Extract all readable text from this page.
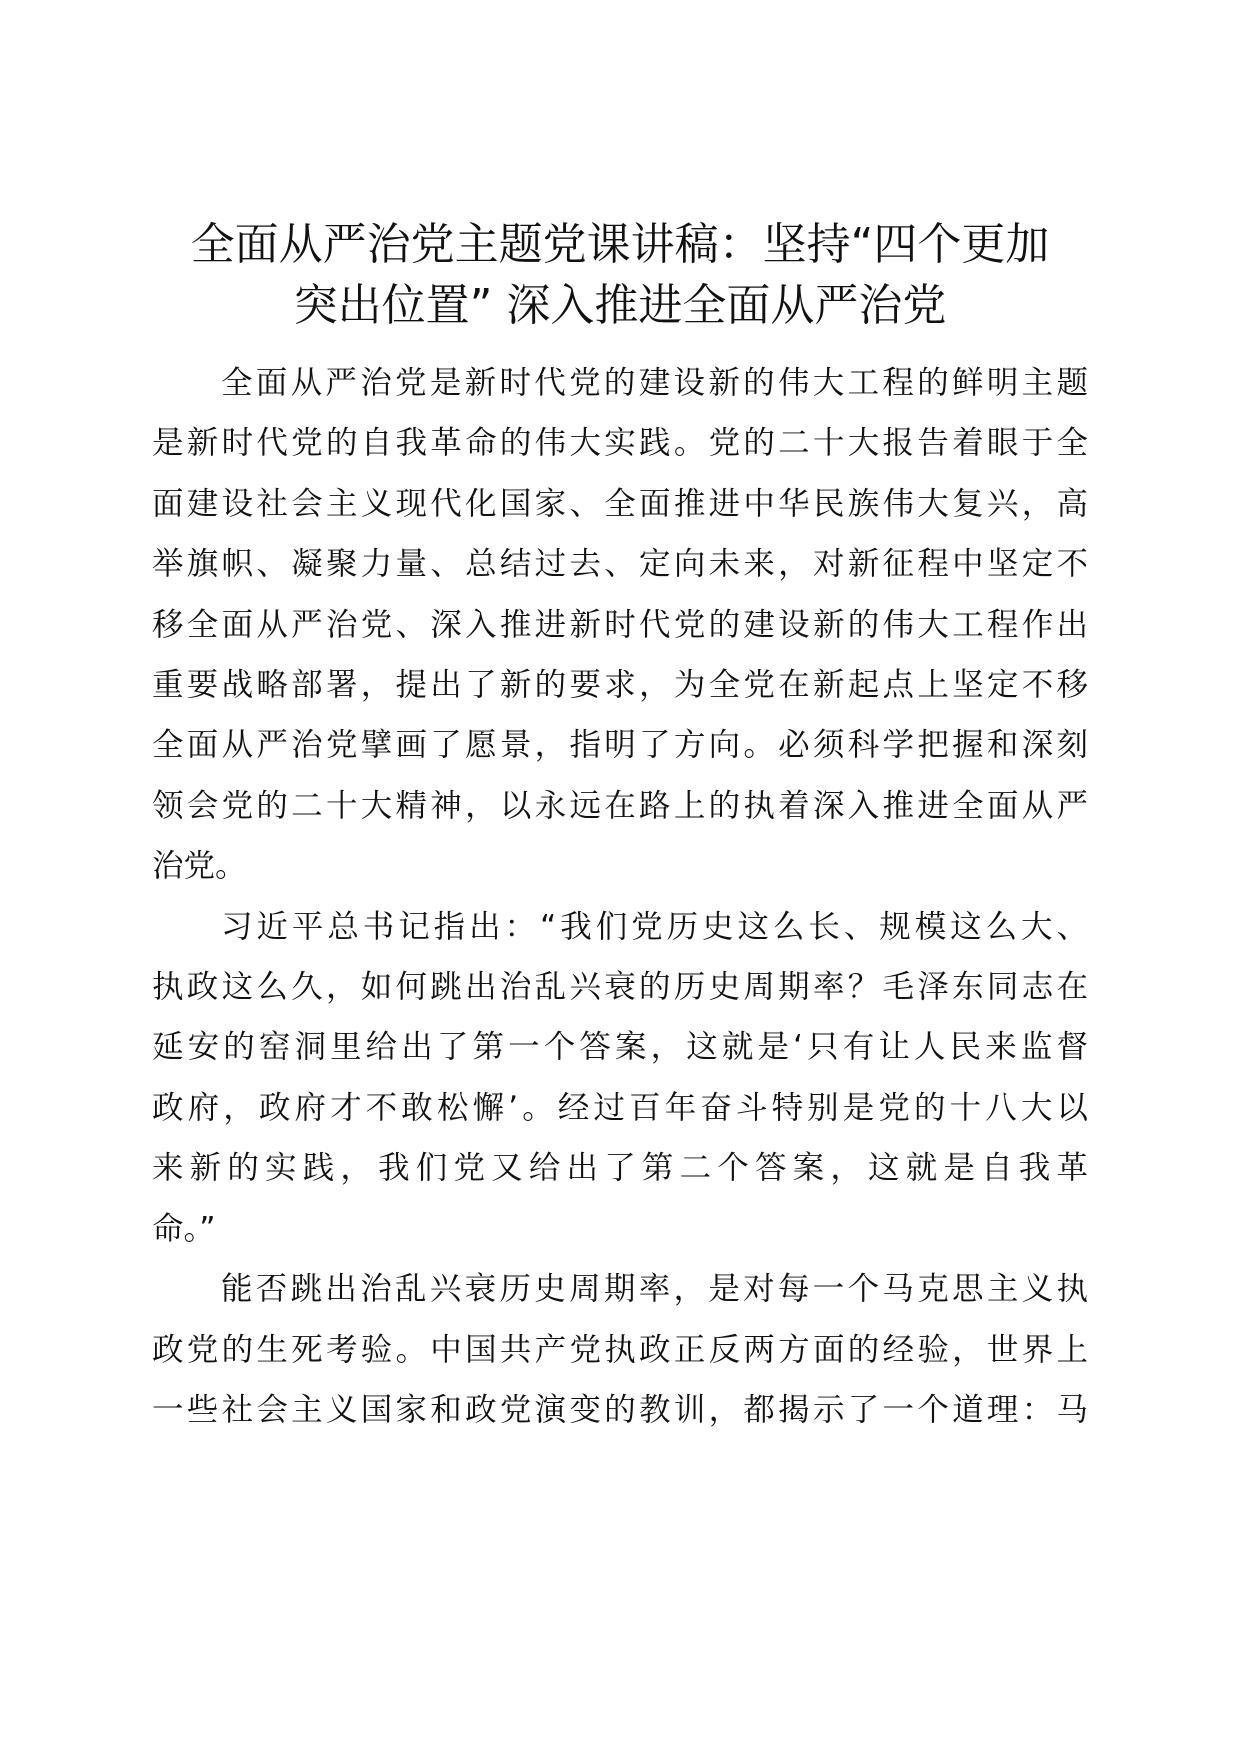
全面从严治党主题党课讲稿：坚持“四个更加
突出位置” 深入推进全面从严治党

全面从严治党是新时代党的建设新的伟大工程的鲜明主题
是新时代党的自我革命的伟大实践。党的二十大报告着眼于全
面建设社会主义现代化国家、全面推进中华民族伟大复兴，高
举旗帜、凝聚力量、总结过去、定向未来，对新征程中坚定不
移全面从严治党、深入推进新时代党的建设新的伟大工程作出
重要战略部署，提出了新的要求，为全党在新起点上坚定不移
全面从严治党擘画了愿景，指明了方向。必须科学把握和深刻
领会党的二十大精神，以永远在路上的执着深入推进全面从严
治党。

习近平总书记指出：“我们党历史这么长、规模这么大、
执政这么久，如何跳出治乱兴衰的历史周期率？毛泽东同志在
延安的窑洞里给出了第一个答案，这就是‘只有让人民来监督
政府，政府才不敢松懈’。经过百年奋斗特别是党的十八大以
来新的实践，我们党又给出了第二个答案，这就是自我革
命。”

能否跳出治乱兴衰历史周期率，是对每一个马克思主义执
政党的生死考验。中国共产党执政正反两方面的经验，世界上
一些社会主义国家和政党演变的教训，都揭示了一个道理：马
